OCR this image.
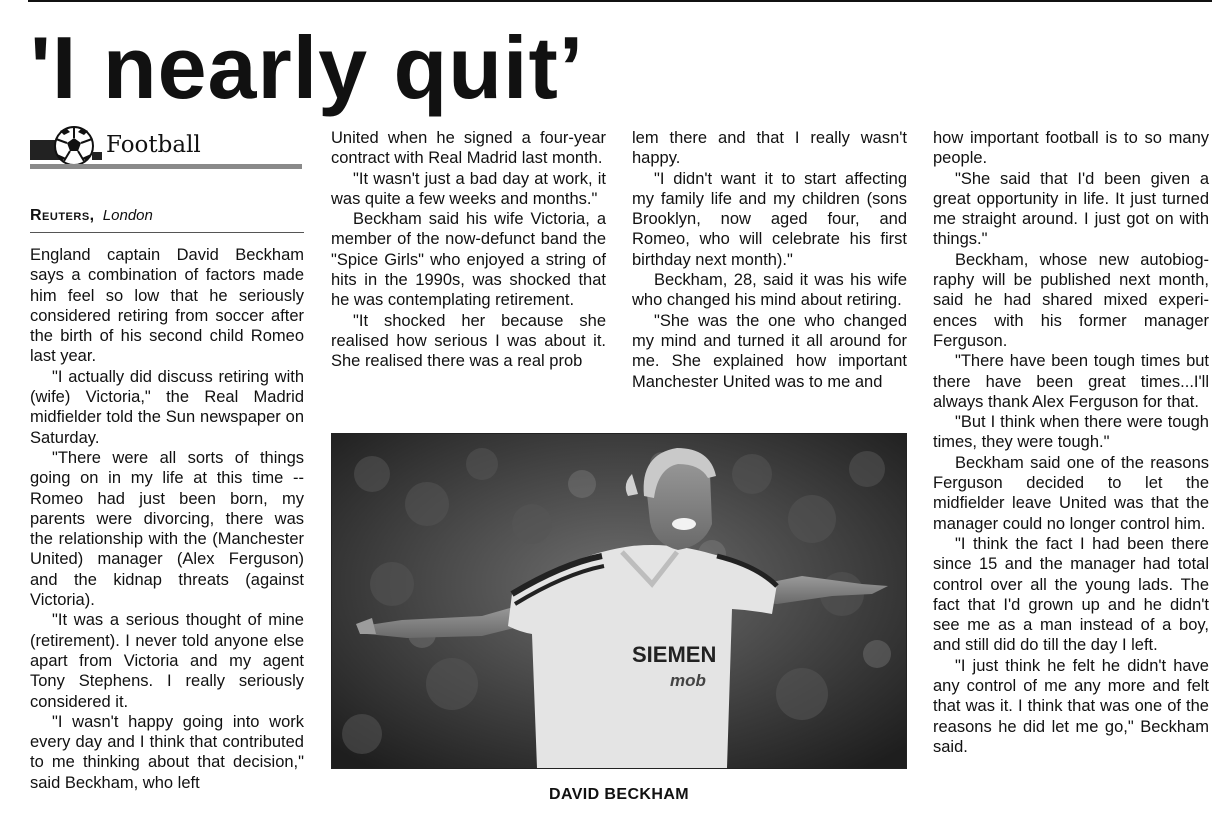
'I nearly quit’
Football
Reuters, London

England captain David Beckham says a combination of factors made him feel so low that he seriously considered retiring from soccer after the birth of his second child Romeo last year.

"I actually did discuss retiring with (wife) Victoria," the Real Madrid midfielder told the Sun newspaper on Saturday.

"There were all sorts of things going on in my life at this time -- Romeo had just been born, my parents were divorcing, there was the relationship with the (Manchester United) manager (Alex Ferguson) and the kidnap threats (against Victoria).

"It was a serious thought of mine (retirement). I never told anyone else apart from Victoria and my agent Tony Stephens. I really seriously considered it.

"I wasn't happy going into work every day and I think that contributed to me thinking about that decision," said Beckham, who left

United when he signed a four-year contract with Real Madrid last month.

"It wasn't just a bad day at work, it was quite a few weeks and months."

Beckham said his wife Victoria, a member of the now-defunct band the "Spice Girls" who enjoyed a string of hits in the 1990s, was shocked that he was contemplating retirement.

"It shocked her because she realised how serious I was about it. She realised there was a real prob

lem there and that I really wasn't happy.

"I didn't want it to start affecting my family life and my children (sons Brooklyn, now aged four, and Romeo, who will celebrate his first birthday next month)."

Beckham, 28, said it was his wife who changed his mind about retiring.

"She was the one who changed my mind and turned it all around for me. She explained how important Manchester United was to me and

how important football is to so many people.

"She said that I'd been given a great opportunity in life. It just turned me straight around. I just got on with things."

Beckham, whose new autobiography will be published next month, said he had shared mixed experiences with his former manager Ferguson.

"There have been tough times but there have been great times...I'll always thank Alex Ferguson for that.

"But I think when there were tough times, they were tough."

Beckham said one of the reasons Ferguson decided to let the midfielder leave United was that the manager could no longer control him.

"I think the fact I had been there since 15 and the manager had total control over all the young lads. The fact that I'd grown up and he didn't see me as a man instead of a boy, and still did do till the day I left.

"I just think he felt he didn't have any control of me any more and felt that was it. I think that was one of the reasons he did let me go," Beckham said.

SIEMEN
mob
DAVID BECKHAM
